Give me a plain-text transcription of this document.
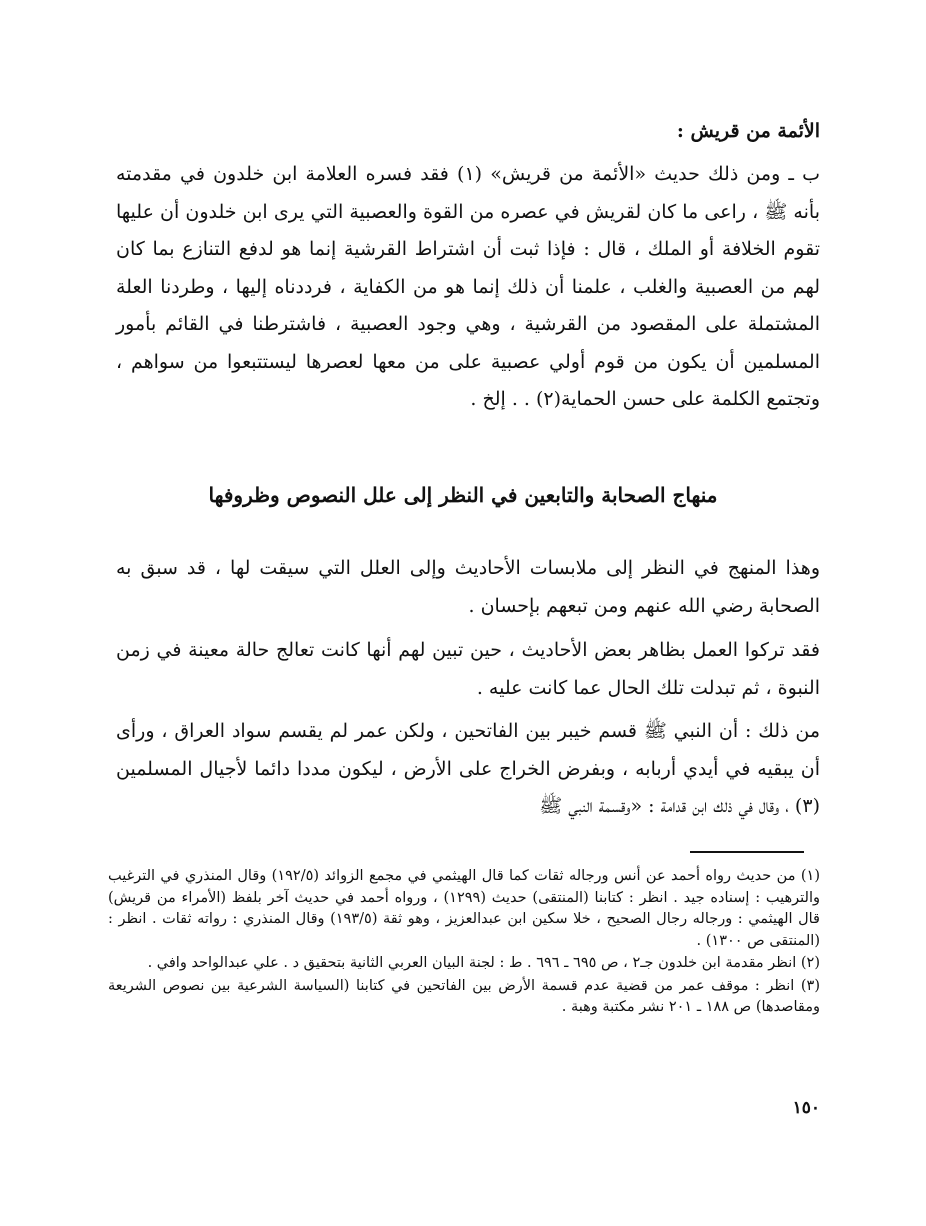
الأئمة من قريش :
ب ـ ومن ذلك حديث «الأئمة من قريش» (١) فقد فسره العلامة ابن خلدون في مقدمته بأنه ﷺ ، راعى ما كان لقريش في عصره من القوة والعصبية التي يرى ابن خلدون أن عليها تقوم الخلافة أو الملك ، قال : فإذا ثبت أن اشتراط القرشية إنما هو لدفع التنازع بما كان لهم من العصبية والغلب ، علمنا أن ذلك إنما هو من الكفاية ، فرددناه إليها ، وطردنا العلة المشتملة على المقصود من القرشية ، وهي وجود العصبية ، فاشترطنا في القائم بأمور المسلمين أن يكون من قوم أولي عصبية على من معها لعصرها ليستتبعوا من سواهم ، وتجتمع الكلمة على حسن الحماية(٢) . . إلخ .
منهاج الصحابة والتابعين في النظر إلى علل النصوص وظروفها
وهذا المنهج في النظر إلى ملابسات الأحاديث وإلى العلل التي سيقت لها ، قد سبق به الصحابة رضي الله عنهم ومن تبعهم بإحسان .
فقد تركوا العمل بظاهر بعض الأحاديث ، حين تبين لهم أنها كانت تعالج حالة معينة في زمن النبوة ، ثم تبدلت تلك الحال عما كانت عليه .
من ذلك : أن النبي ﷺ قسم خيبر بين الفاتحين ، ولكن عمر لم يقسم سواد العراق ، ورأى أن يبقيه في أيدي أربابه ، وبفرض الخراج على الأرض ، ليكون مددا دائما لأجيال المسلمين (٣) ، وقال في ذلك ابن قدامة : «وقسمة النبي ﷺ

(١) من حديث رواه أحمد عن أنس ورجاله ثقات كما قال الهيثمي في مجمع الزوائد (١٩٢/٥) وقال المنذري في الترغيب والترهيب : إسناده جيد . انظر : كتابنا (المنتقى) حديث (١٢٩٩) ، ورواه أحمد في حديث آخر بلفظ (الأمراء من قريش) قال الهيثمي : ورجاله رجال الصحيح ، خلا سكين ابن عبدالعزيز ، وهو ثقة (١٩٣/٥) وقال المنذري : رواته ثقات . انظر : (المنتقى ص ١٣٠٠) .

(٢) انظر مقدمة ابن خلدون جـ٢ ، ص ٦٩٥ ـ ٦٩٦ . ط : لجنة البيان العربي الثانية بتحقيق د . علي عبدالواحد وافي .

(٣) انظر : موقف عمر من قضية عدم قسمة الأرض بين الفاتحين في كتابنا (السياسة الشرعية بين نصوص الشريعة ومقاصدها) ص ١٨٨ ـ ٢٠١ نشر مكتبة وهبة .

١٥٠
